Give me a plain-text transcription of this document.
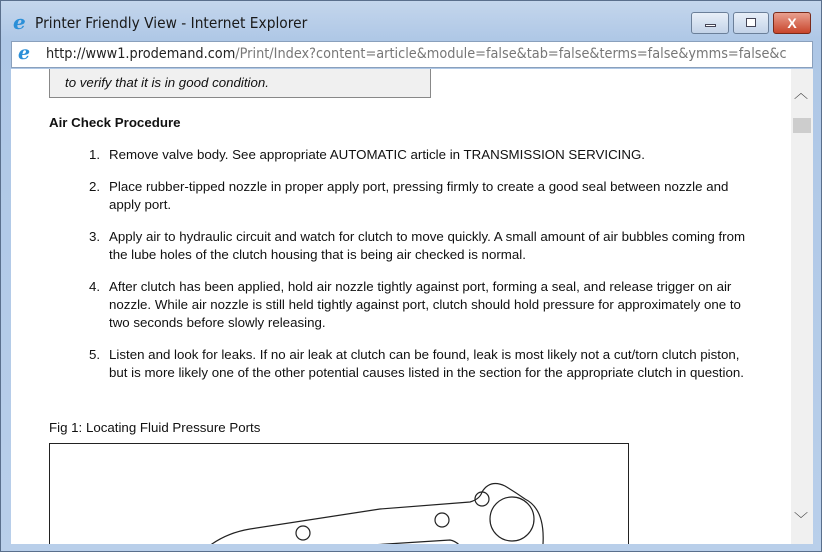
e Printer Friendly View - Internet Explorer	X
e http://www1.prodemand.com/Print/Index?content=article&module=false&tab=false&terms=false&ymms=false&c
to verify that it is in good condition.
Air Check Procedure
1. Remove valve body. See appropriate AUTOMATIC article in TRANSMISSION SERVICING.
2. Place rubber-tipped nozzle in proper apply port, pressing firmly to create a good seal between nozzle and apply port.
3. Apply air to hydraulic circuit and watch for clutch to move quickly. A small amount of air bubbles coming from the lube holes of the clutch housing that is being air checked is normal.
4. After clutch has been applied, hold air nozzle tightly against port, forming a seal, and release trigger on air nozzle. While air nozzle is still held tightly against port, clutch should hold pressure for approximately one to two seconds before slowly releasing.
5. Listen and look for leaks. If no air leak at clutch can be found, leak is most likely not a cut/torn clutch piston, but is more likely one of the other potential causes listed in the section for the appropriate clutch in question.
Fig 1: Locating Fluid Pressure Ports
︿
﹀
